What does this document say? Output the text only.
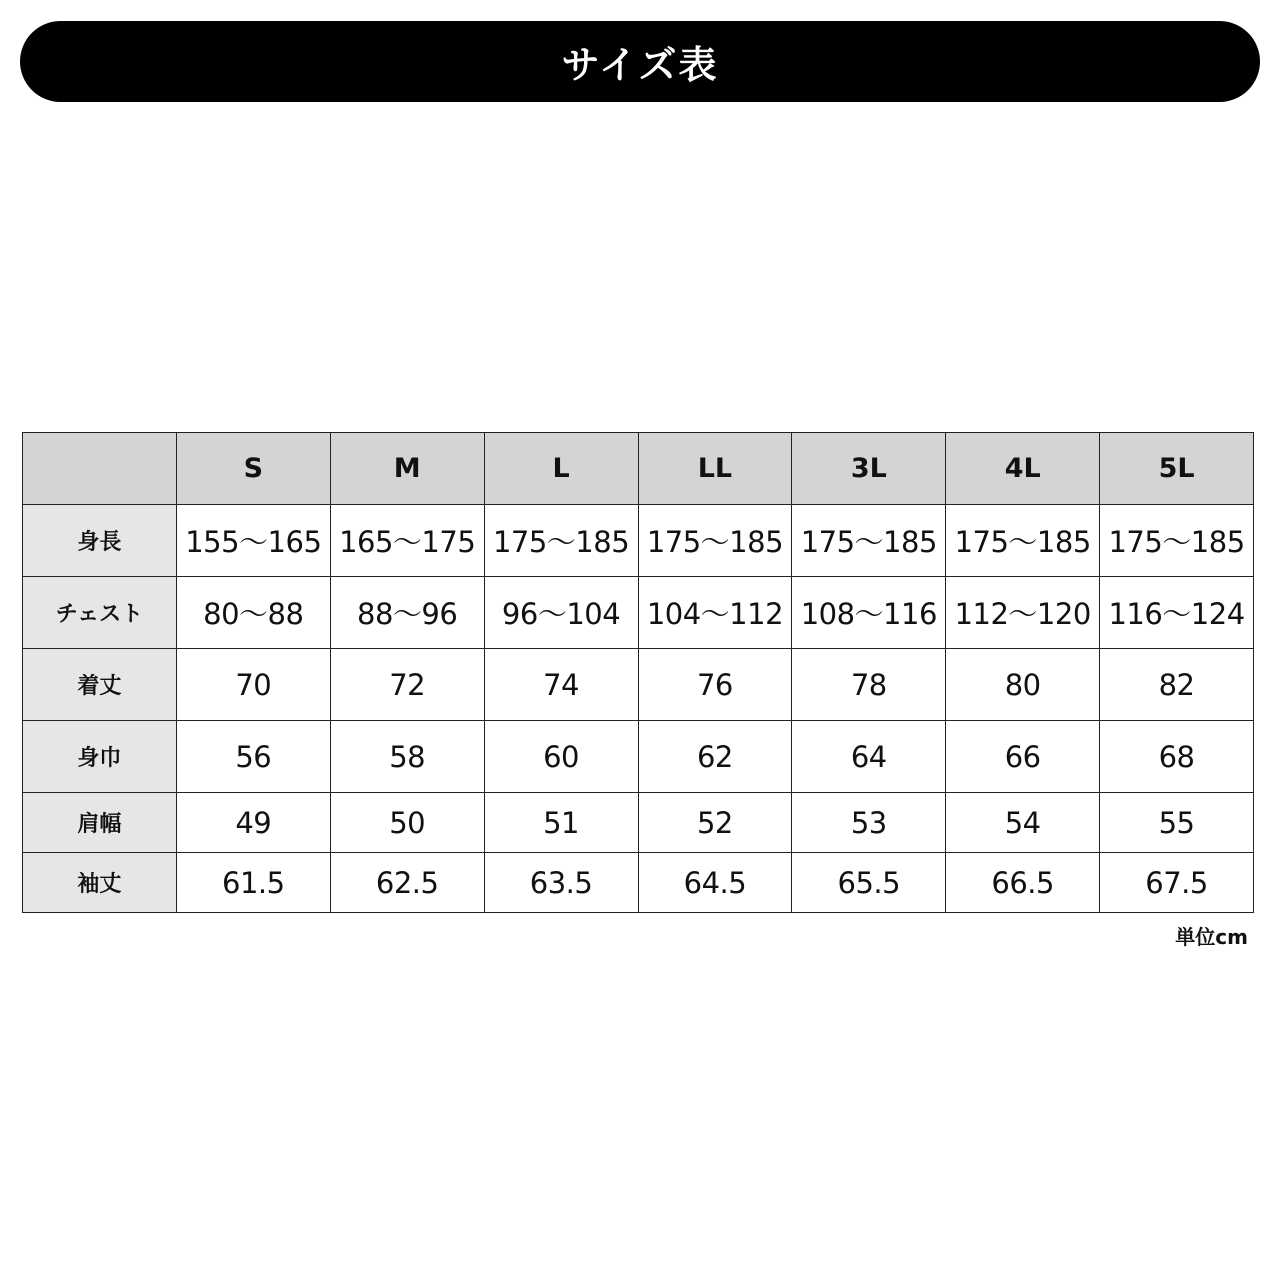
サイズ表
	S	M	L	LL	3L	4L	5L
身長	155〜165	165〜175	175〜185	175〜185	175〜185	175〜185	175〜185
チェスト	80〜88	88〜96	96〜104	104〜112	108〜116	112〜120	116〜124
着丈	70	72	74	76	78	80	82
身巾	56	58	60	62	64	66	68
肩幅	49	50	51	52	53	54	55
袖丈	61.5	62.5	63.5	64.5	65.5	66.5	67.5
単位cm
